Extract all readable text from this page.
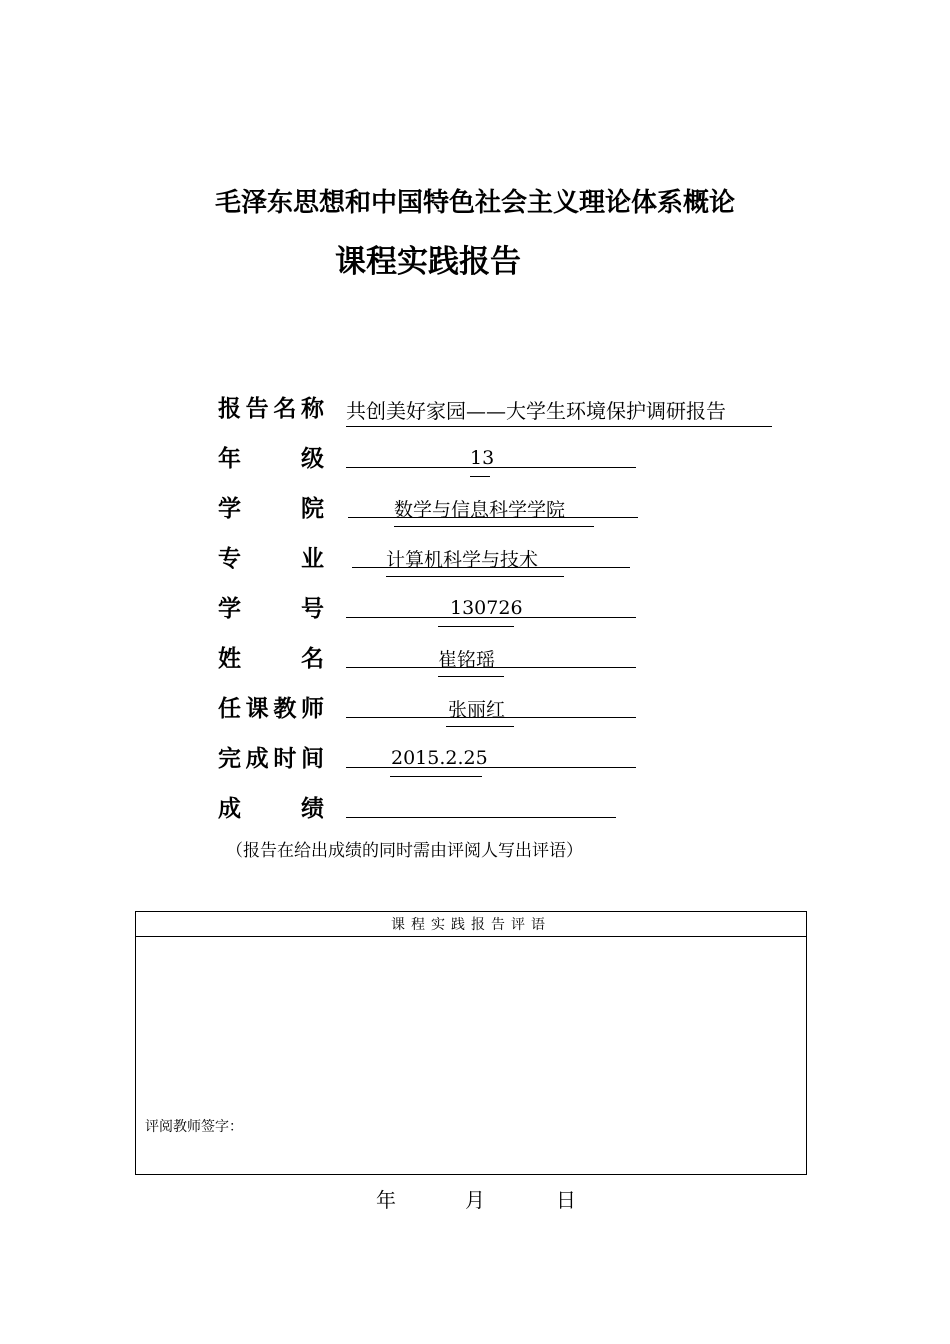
毛泽东思想和中国特色社会主义理论体系概论
课程实践报告
报 告 名 称 共创美好家园——大学生环境保护调研报告
年	级	13
学	院	数学与信息科学学院
专	业	计算机科学与技术
学	号	130726
姓	名	崔铭瑶
任 课 教 师	张丽红
完 成 时 间	2015.2.25
成	绩
（报告在给出成绩的同时需由评阅人写出评语）
课程实践报告评语
评阅教师签字：
年	月	日
